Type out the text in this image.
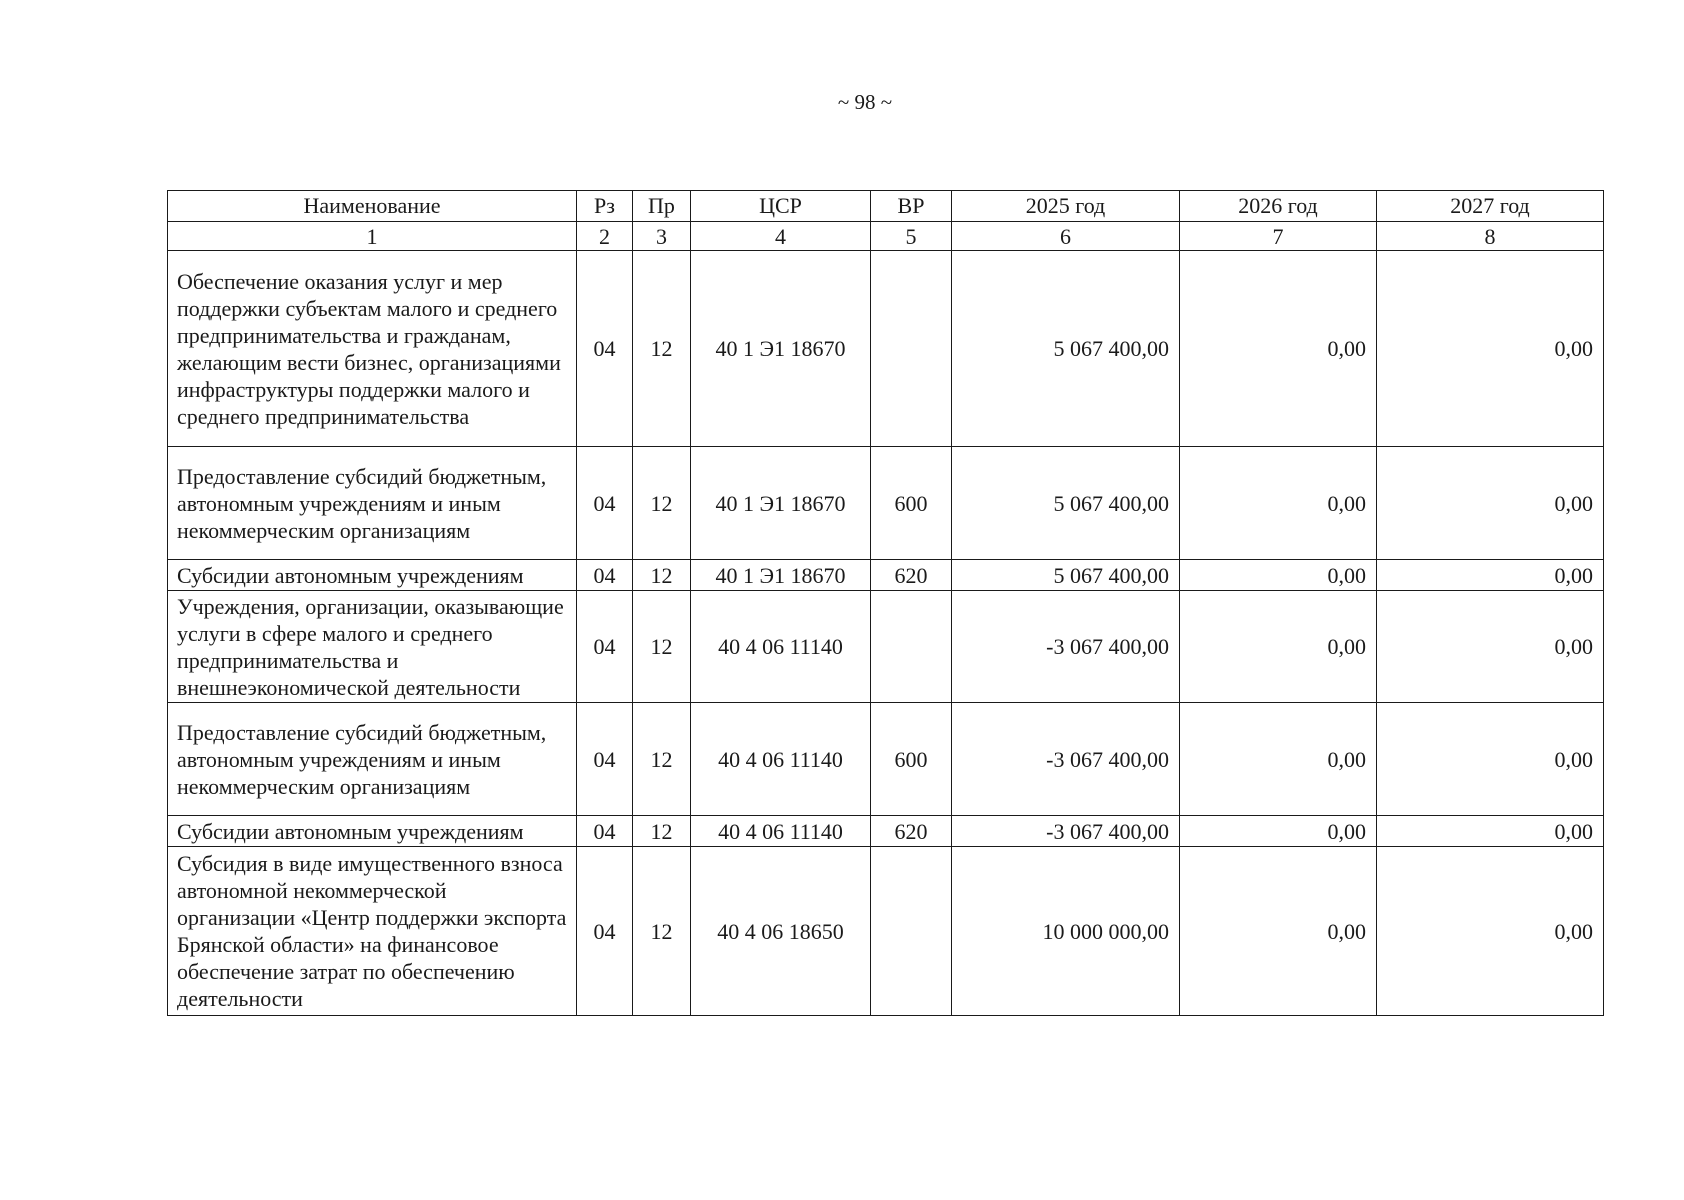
~ 98 ~
Наименование	Рз	Пр	ЦСР	ВР	2025 год	2026 год	2027 год
1	2	3	4	5	6	7	8
Обеспечение оказания услуг и мер поддержки субъектам малого и среднего предпринимательства и гражданам, желающим вести бизнес, организациями инфраструктуры поддержки малого и среднего предпринимательства	04	12	40 1 Э1 18670		5 067 400,00	0,00	0,00
Предоставление субсидий бюджетным, автономным учреждениям и иным некоммерческим организациям	04	12	40 1 Э1 18670	600	5 067 400,00	0,00	0,00
Субсидии автономным учреждениям	04	12	40 1 Э1 18670	620	5 067 400,00	0,00	0,00
Учреждения, организации, оказывающие услуги в сфере малого и среднего предпринимательства и внешнеэкономической деятельности	04	12	40 4 06 11140		-3 067 400,00	0,00	0,00
Предоставление субсидий бюджетным, автономным учреждениям и иным некоммерческим организациям	04	12	40 4 06 11140	600	-3 067 400,00	0,00	0,00
Субсидии автономным учреждениям	04	12	40 4 06 11140	620	-3 067 400,00	0,00	0,00
Субсидия в виде имущественного взноса автономной некоммерческой организации «Центр поддержки экспорта Брянской области» на финансовое обеспечение затрат по обеспечению деятельности	04	12	40 4 06 18650		10 000 000,00	0,00	0,00
